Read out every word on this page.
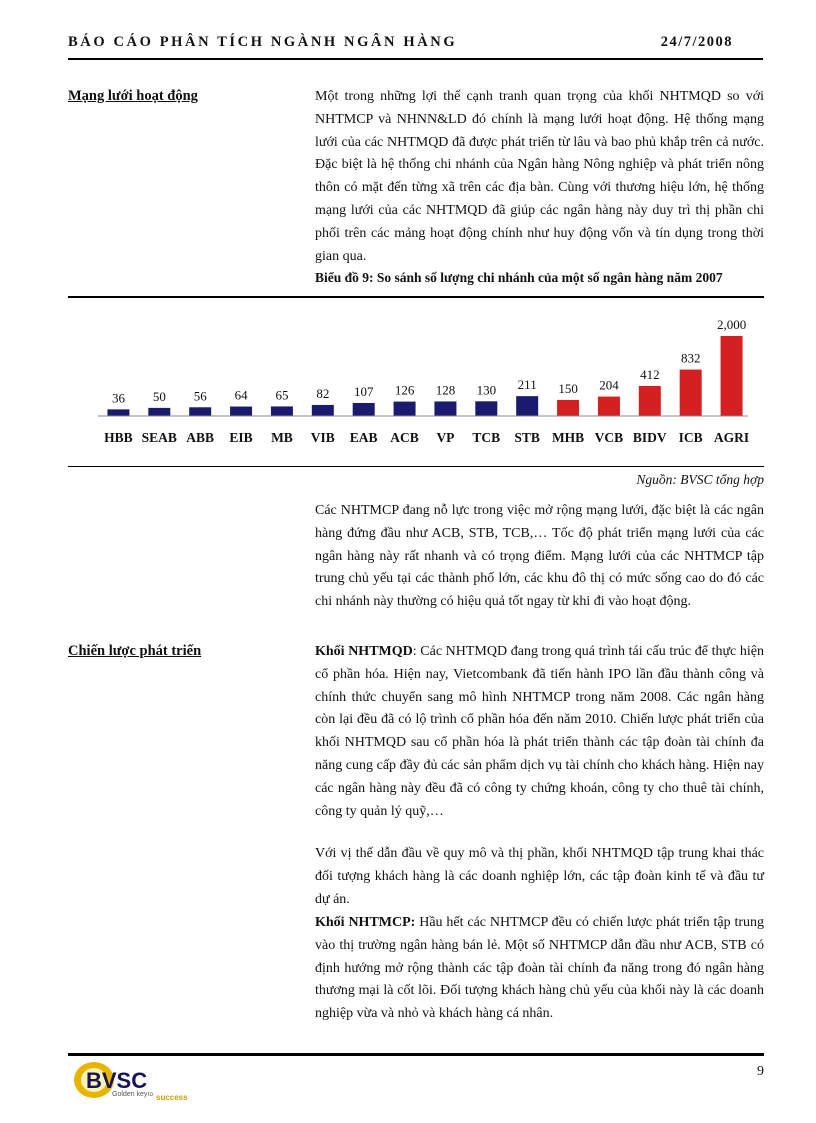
BÁO CÁO PHÂN TÍCH NGÀNH NGÂN HÀNG	24/7/2008
Mạng lưới hoạt động	Một trong những lợi thế cạnh tranh quan trọng của khối NHTMQD so với NHTMCP và NHNN&LD đó chính là mạng lưới hoạt động. Hệ thống mạng lưới của các NHTMQD đã được phát triển từ lâu và bao phủ khắp trên cả nước. Đặc biệt là hệ thống chi nhánh của Ngân hàng Nông nghiệp và phát triển nông thôn có mặt đến từng xã trên các địa bàn. Cùng với thương hiệu lớn, hệ thống mạng lưới của các NHTMQD đã giúp các ngân hàng này duy trì thị phần chi phối trên các mảng hoạt động chính như huy động vốn và tín dụng trong thời gian qua.

Biểu đồ 9: So sánh số lượng chi nhánh của một số ngân hàng năm 2007
36
HBB
50
SEAB
56
ABB
64
EIB
65
MB
82
VIB
107
EAB
126
ACB
128
VP
130
TCB
211
STB
150
MHB
204
VCB
412
BIDV
832
ICB
2,000
AGRI
Nguồn: BVSC tổng hợp

Các NHTMCP đang nỗ lực trong việc mở rộng mạng lưới, đặc biệt là các ngân hàng đứng đầu như ACB, STB, TCB,… Tốc độ phát triển mạng lưới của các ngân hàng này rất nhanh và có trọng điểm. Mạng lưới của các NHTMCP tập trung chủ yếu tại các thành phố lớn, các khu đô thị có mức sống cao do đó các chi nhánh này thường có hiệu quả tốt ngay từ khi đi vào hoạt động.

Chiến lược phát triển	Khối NHTMQD: Các NHTMQD đang trong quá trình tái cấu trúc để thực hiện cổ phần hóa. Hiện nay, Vietcombank đã tiến hành IPO lần đầu thành công và chính thức chuyển sang mô hình NHTMCP trong năm 2008. Các ngân hàng còn lại đều đã có lộ trình cổ phần hóa đến năm 2010. Chiến lược phát triển của khối NHTMQD sau cổ phần hóa là phát triển thành các tập đoàn tài chính đa năng cung cấp đầy đủ các sản phẩm dịch vụ tài chính cho khách hàng. Hiện nay các ngân hàng này đều đã có công ty chứng khoán, công ty cho thuê tài chính, công ty quản lý quỹ,…

Với vị thế dẫn đầu về quy mô và thị phần, khối NHTMQD tập trung khai thác đối tượng khách hàng là các doanh nghiệp lớn, các tập đoàn kinh tế và đầu tư dự án.

Khối NHTMCP: Hầu hết các NHTMCP đều có chiến lược phát triển tập trung vào thị trường ngân hàng bán lẻ. Một số NHTMCP dẫn đầu như ACB, STB có định hướng mở rộng thành các tập đoàn tài chính đa năng trong đó ngân hàng thương mại là cốt lõi. Đối tượng khách hàng chủ yếu của khối này là các doanh nghiệp vừa và nhỏ và khách hàng cá nhân.

BVSC
Golden key to success
9
